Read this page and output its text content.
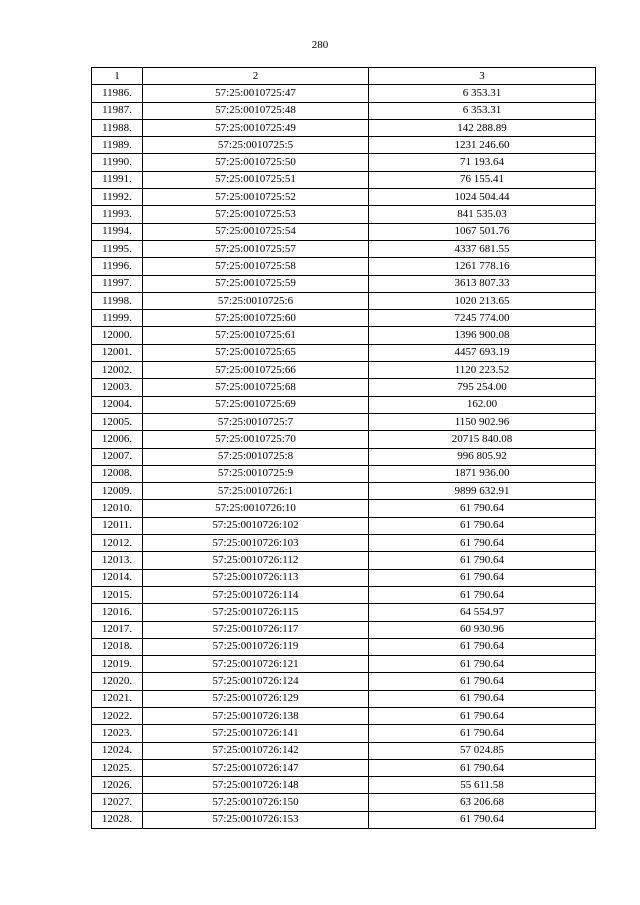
280
1	2	3
11986.	57:25:0010725:47	6 353.31
11987.	57:25:0010725:48	6 353.31
11988.	57:25:0010725:49	142 288.89
11989.	57:25:0010725:5	1231 246.60
11990.	57:25:0010725:50	71 193.64
11991.	57:25:0010725:51	76 155.41
11992.	57:25:0010725:52	1024 504.44
11993.	57:25:0010725:53	841 535.03
11994.	57:25:0010725:54	1067 501.76
11995.	57:25:0010725:57	4337 681.55
11996.	57:25:0010725:58	1261 778.16
11997.	57:25:0010725:59	3613 807.33
11998.	57:25:0010725:6	1020 213.65
11999.	57:25:0010725:60	7245 774.00
12000.	57:25:0010725:61	1396 900.08
12001.	57:25:0010725:65	4457 693.19
12002.	57:25:0010725:66	1120 223.52
12003.	57:25:0010725:68	795 254.00
12004.	57:25:0010725:69	162.00
12005.	57:25:0010725:7	1150 902.96
12006.	57:25:0010725:70	20715 840.08
12007.	57:25:0010725:8	996 805.92
12008.	57:25:0010725:9	1871 936.00
12009.	57:25:0010726:1	9899 632.91
12010.	57:25:0010726:10	61 790.64
12011.	57:25:0010726:102	61 790.64
12012.	57:25:0010726:103	61 790.64
12013.	57:25:0010726:112	61 790.64
12014.	57:25:0010726:113	61 790.64
12015.	57:25:0010726:114	61 790.64
12016.	57:25:0010726:115	64 554.97
12017.	57:25:0010726:117	60 930.96
12018.	57:25:0010726:119	61 790.64
12019.	57:25:0010726:121	61 790.64
12020.	57:25:0010726:124	61 790.64
12021.	57:25:0010726:129	61 790.64
12022.	57:25:0010726:138	61 790.64
12023.	57:25:0010726:141	61 790.64
12024.	57:25:0010726:142	57 024.85
12025.	57:25:0010726:147	61 790.64
12026.	57:25:0010726:148	55 611.58
12027.	57:25:0010726:150	63 206.68
12028.	57:25:0010726:153	61 790.64
